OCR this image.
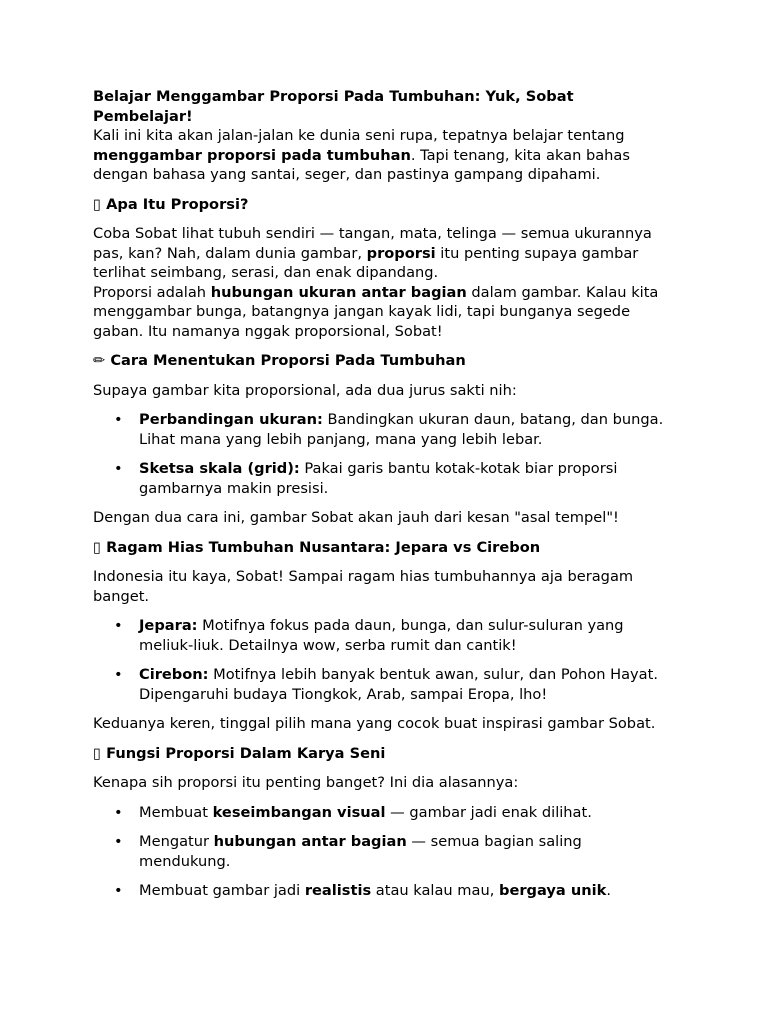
Belajar Menggambar Proporsi Pada Tumbuhan: Yuk, Sobat Pembelajar!

Kali ini kita akan jalan-jalan ke dunia seni rupa, tepatnya belajar tentang menggambar proporsi pada tumbuhan. Tapi tenang, kita akan bahas dengan bahasa yang santai, seger, dan pastinya gampang dipahami.

▯ Apa Itu Proporsi?

Coba Sobat lihat tubuh sendiri — tangan, mata, telinga — semua ukurannya pas, kan? Nah, dalam dunia gambar, proporsi itu penting supaya gambar terlihat seimbang, serasi, dan enak dipandang.

Proporsi adalah hubungan ukuran antar bagian dalam gambar. Kalau kita menggambar bunga, batangnya jangan kayak lidi, tapi bunganya segede gaban. Itu namanya nggak proporsional, Sobat!

✏ Cara Menentukan Proporsi Pada Tumbuhan

Supaya gambar kita proporsional, ada dua jurus sakti nih:

• Perbandingan ukuran: Bandingkan ukuran daun, batang, dan bunga. Lihat mana yang lebih panjang, mana yang lebih lebar.
• Sketsa skala (grid): Pakai garis bantu kotak-kotak biar proporsi gambarnya makin presisi.

Dengan dua cara ini, gambar Sobat akan jauh dari kesan "asal tempel"!

▯ Ragam Hias Tumbuhan Nusantara: Jepara vs Cirebon

Indonesia itu kaya, Sobat! Sampai ragam hias tumbuhannya aja beragam banget.

• Jepara: Motifnya fokus pada daun, bunga, dan sulur-suluran yang meliuk-liuk. Detailnya wow, serba rumit dan cantik!
• Cirebon: Motifnya lebih banyak bentuk awan, sulur, dan Pohon Hayat. Dipengaruhi budaya Tiongkok, Arab, sampai Eropa, lho!

Keduanya keren, tinggal pilih mana yang cocok buat inspirasi gambar Sobat.

▯ Fungsi Proporsi Dalam Karya Seni

Kenapa sih proporsi itu penting banget? Ini dia alasannya:

• Membuat keseimbangan visual — gambar jadi enak dilihat.
• Mengatur hubungan antar bagian — semua bagian saling mendukung.
• Membuat gambar jadi realistis atau kalau mau, bergaya unik.
